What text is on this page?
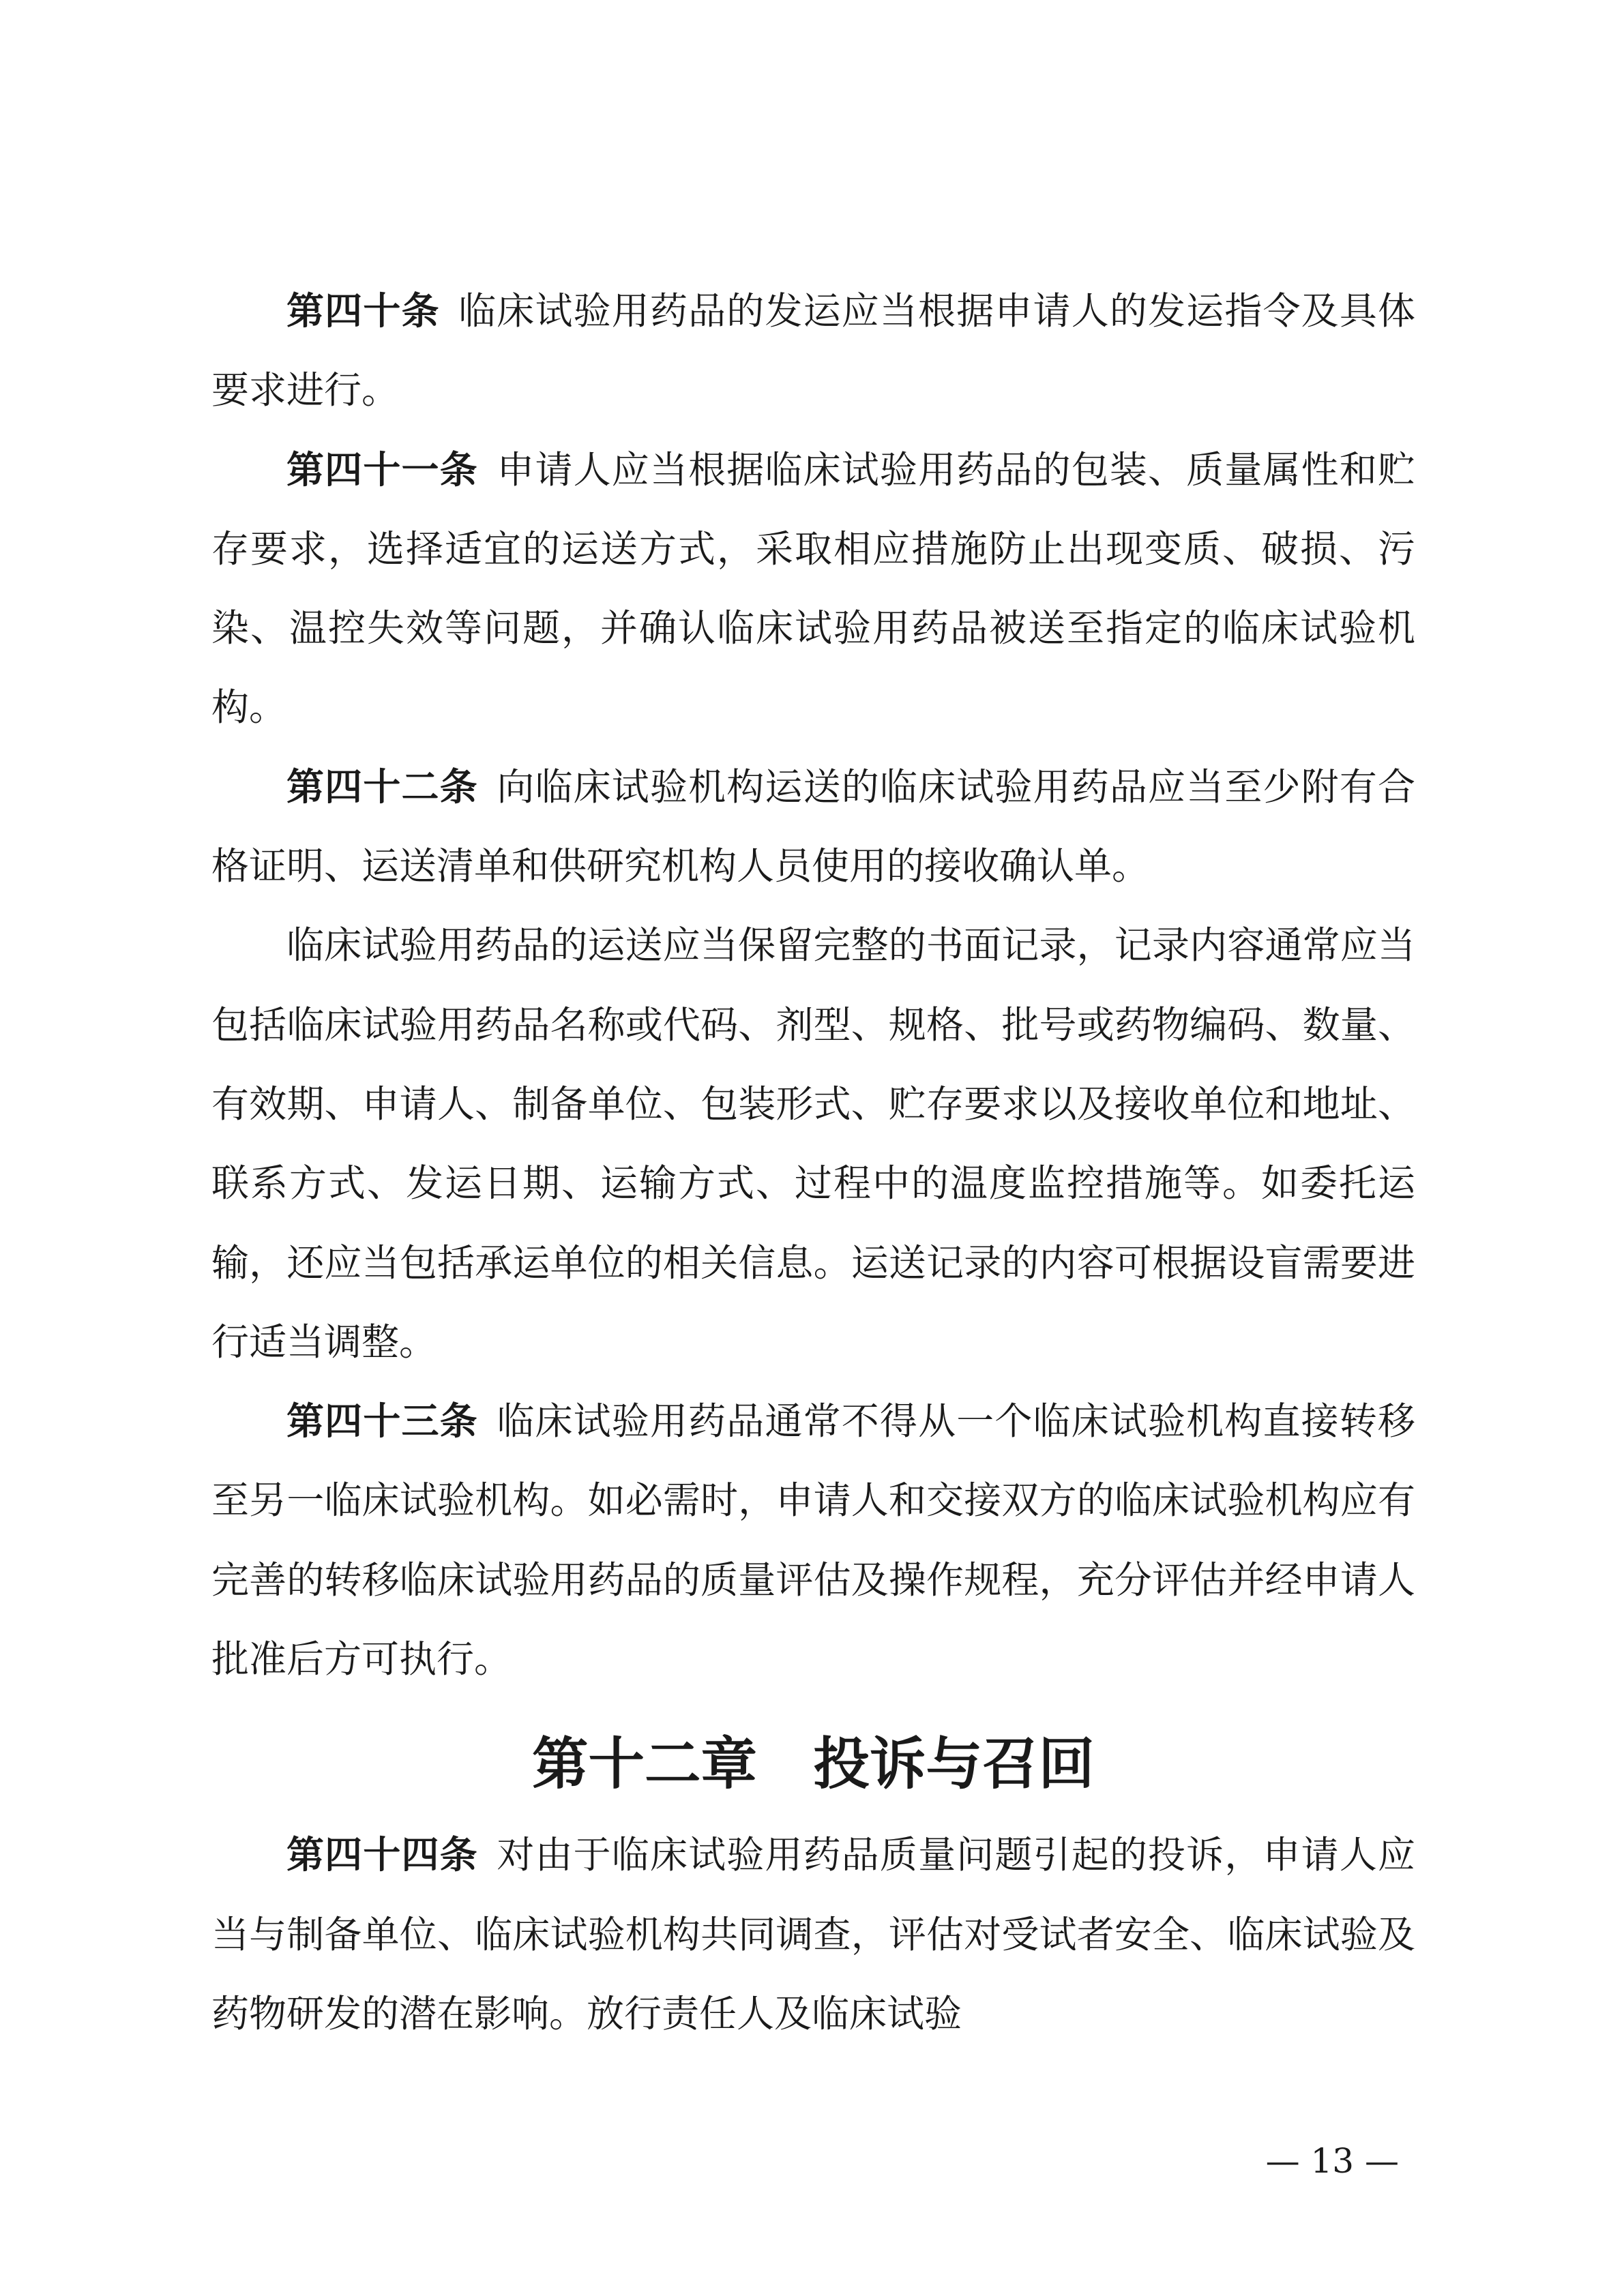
第四十条 临床试验用药品的发运应当根据申请人的发运指令及具体要求进行。

第四十一条 申请人应当根据临床试验用药品的包装、质量属性和贮存要求，选择适宜的运送方式，采取相应措施防止出现变质、破损、污染、温控失效等问题，并确认临床试验用药品被送至指定的临床试验机构。

第四十二条 向临床试验机构运送的临床试验用药品应当至少附有合格证明、运送清单和供研究机构人员使用的接收确认单。

临床试验用药品的运送应当保留完整的书面记录，记录内容通常应当包括临床试验用药品名称或代码、剂型、规格、批号或药物编码、数量、有效期、申请人、制备单位、包装形式、贮存要求以及接收单位和地址、联系方式、发运日期、运输方式、过程中的温度监控措施等。如委托运输，还应当包括承运单位的相关信息。运送记录的内容可根据设盲需要进行适当调整。

第四十三条 临床试验用药品通常不得从一个临床试验机构直接转移至另一临床试验机构。如必需时，申请人和交接双方的临床试验机构应有完善的转移临床试验用药品的质量评估及操作规程，充分评估并经申请人批准后方可执行。

第十二章 投诉与召回

第四十四条 对由于临床试验用药品质量问题引起的投诉，申请人应当与制备单位、临床试验机构共同调查，评估对受试者安全、临床试验及药物研发的潜在影响。放行责任人及临床试验

— 13 —
